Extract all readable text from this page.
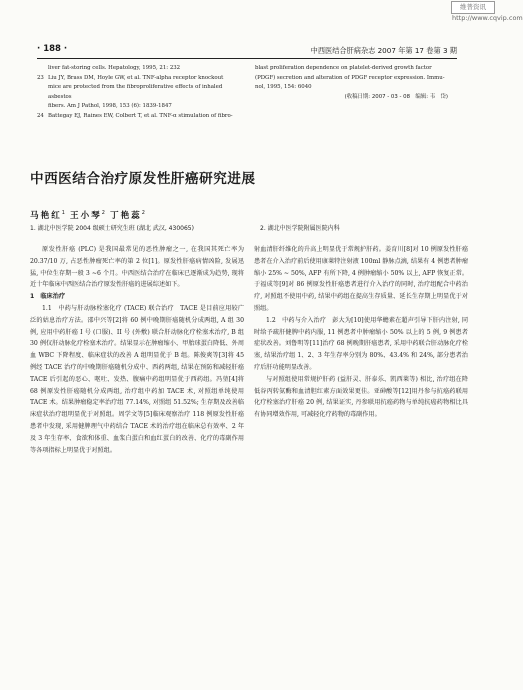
维普资讯 http://www.cqvip.com
· 188 ·	中西医结合肝病杂志 2007 年第 17 卷第 3 期
liver fat-storing cells. Hepatology, 1995, 21: 232
23 Liu JY, Brass DM, Hoyle GW, et al. TNF-alpha receptor knockout
mice are protected from the fibroproliferative effects of inhaled asbestos
fibers. Am J Pathol, 1998, 153 (6): 1839-1847
24 Battegay EJ, Raines EW, Colbert T, et al. TNF-α stimulation of fibro-
blast proliferation dependence on platelet-derived growth factor
(PDGF) secretion and alteration of PDGF receptor expression. Immu-
nol, 1995, 154: 6040
(收稿日期: 2007 - 03 - 08　编辑: 韦　岱)
中西医结合治疗原发性肝癌研究进展
马艳红$^1$ 王小琴$^2$ 丁艳蕊$^2$
1. 湖北中医学院 2004 级硕士研究生班 (湖北 武汉, 430065)	2. 湖北中医学院附属医院内科

原发性肝癌 (PLC) 是我国最常见的恶性肿瘤之一, 在我国其死亡率为 20.37/10 万, 占恶性肿瘤死亡率的第 2 位[1]。原发性肝癌病情凶险, 发展迅猛, 中位生存期一般 3 ~6 个月。中西医结合治疗在临床已逐渐成为趋势, 现将近十年临床中西医结合治疗原发性肝癌的进展综述如下。

1　临床治疗

1.1　中药与肝动脉栓塞化疗 (TACE) 联合治疗　TACE 是目前应用较广泛的姑息治疗方法。邵中兴等[2]将 60 例中晚期肝癌随机分成两组, A 组 30 例, 应用中药肝癌 I 号 (口服)、II 号 (外敷) 联合肝动脉化疗栓塞术治疗, B 组 30 例仅肝动脉化疗栓塞术治疗。结果显示在肿瘤缩小、甲胎球蛋白降低、外周血 WBC 下降程度、临床症状的改善 A 组明显优于 B 组。陈俊爽等[3]将 45 例经 TACE 治疗的中晚期肝癌随机分成中、西药两组, 结果在预防和减轻肝癌 TACE 后引起的恶心、呕吐、发热、腹痛中药组明显优于西药组。冯堃[4]将 68 例原发性肝癌随机分成两组, 治疗组中药加 TACE 术, 对照组单纯使用 TACE 术。结果肿瘤稳定率治疗组 77.14%, 对照组 51.52%; 生存期及改善临床症状治疗组明显优于对照组。周学文等[5]临床观察治疗 118 例原发性肝癌患者中发现, 采用健脾理气中药结合 TACE 术的治疗组在临床总有效率、2 年及 3 年生存率、食欲和体重、血浆白蛋白和血红蛋白的改善、化疗的毒副作用等各项指标上明显优于对照组。

射血清肝纤维化的升高上明显优于常规护肝药。姜育川[8]对 10 例原发性肝癌患者在介入治疗前后使用康莱特注射液 100ml 静脉点滴, 结果有 4 例患者肿瘤缩小 25% ~ 50%, AFP 有所下降, 4 例肿瘤缩小 50% 以上, AFP 恢复正常。于福成等[9]对 86 例原发性肝癌患者进行介入治疗的同时, 治疗组配合中药治疗, 对照组不使用中药, 结果中药组在提高生存质量、延长生存期上明显优于对照组。

1.2　中药与介入治疗　彭大为[10]使用华蟾素在超声引导下肝内注射, 同时给予疏肝健脾中药内服, 11 例患者中肿瘤缩小 50% 以上的 5 例, 9 例患者症状改善。刘鲁明等[11]治疗 68 例晚期肝癌患者, 采用中药联合肝动脉化疗栓塞, 结果治疗组 1、2、3 年生存率分别为 80%、43.4% 和 24%, 部分患者治疗后肝功能明显改善。

与对照组使用常规护肝药 (益肝灵、肝泰乐、凯西莱等) 相比, 治疗组在降低谷丙转氨酶和血清胆红素方面效果更佳。亚砷酸等[12]用丹参与抗癌药联用化疗栓塞治疗肝癌 20 例, 结果证实, 丹参联用抗癌药物与单纯抗癌药物相比具有协同增效作用, 可减轻化疗药物的毒副作用。
